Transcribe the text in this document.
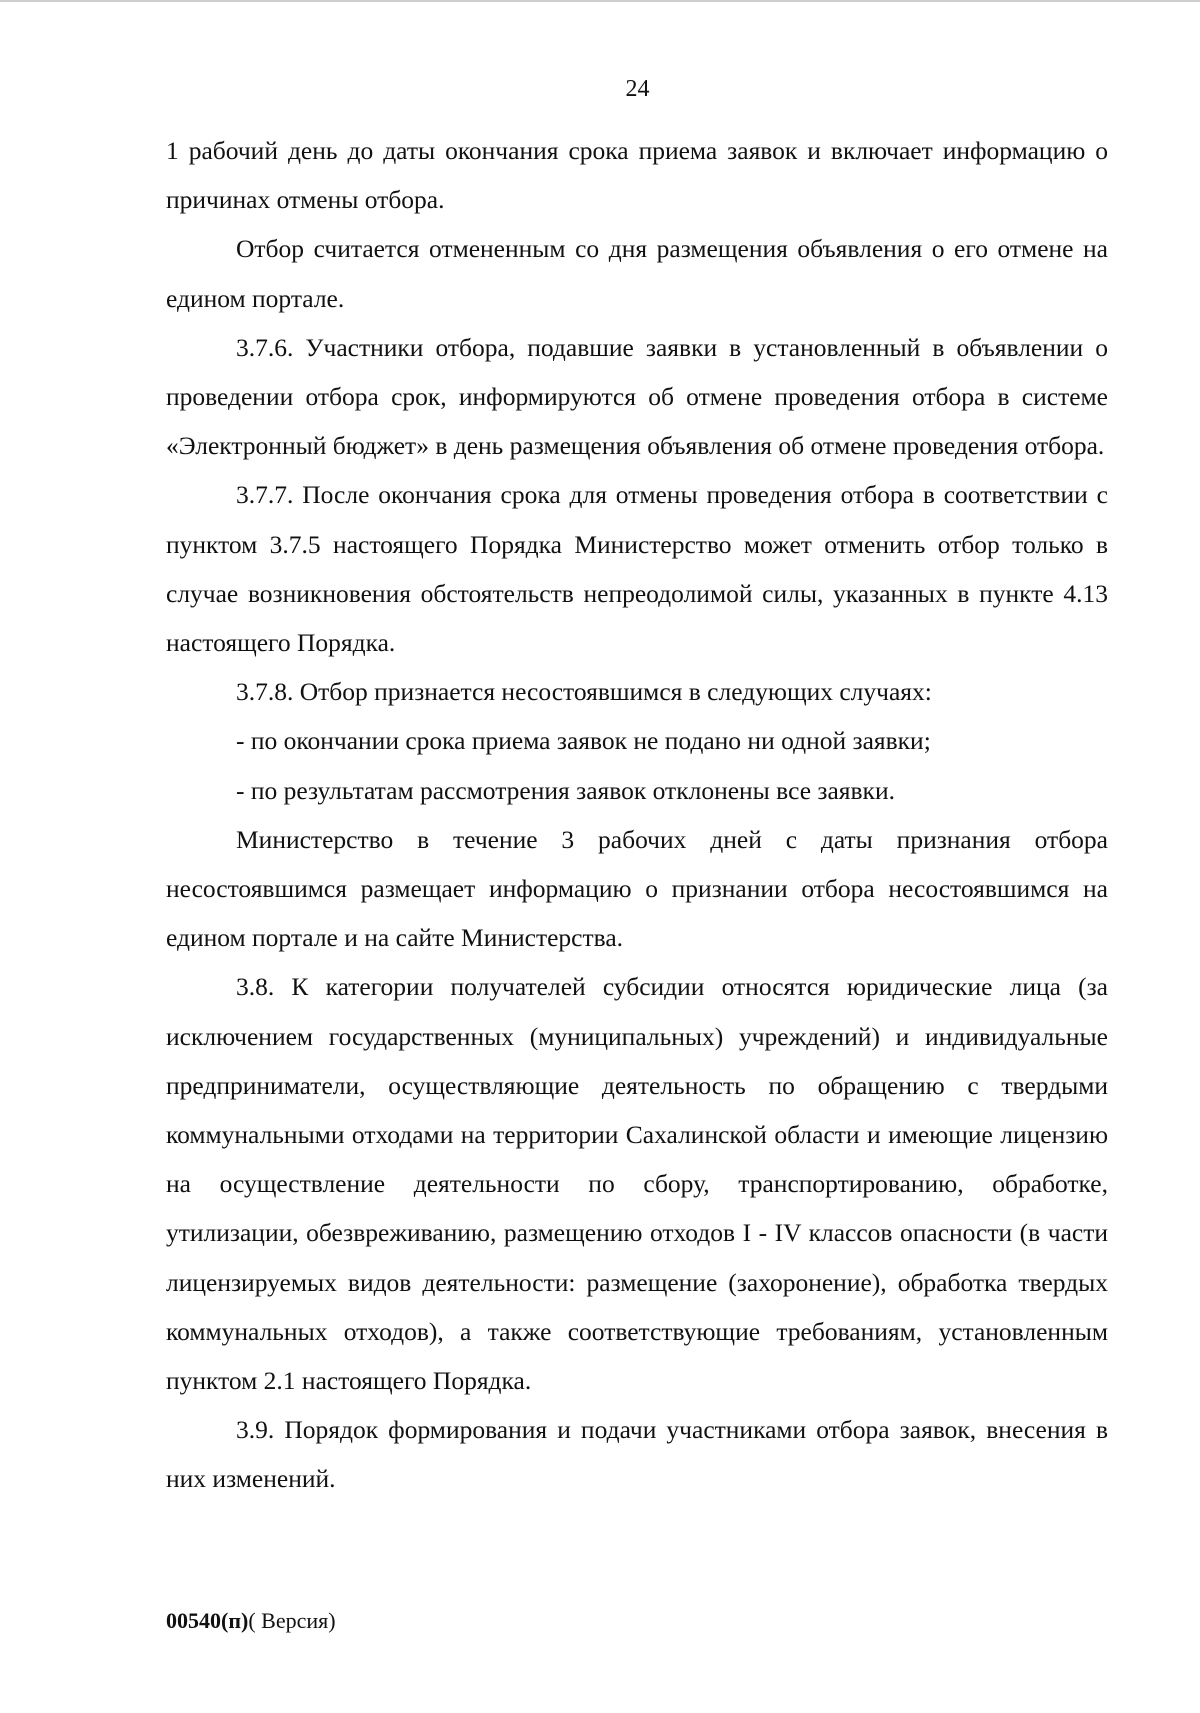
24

1 рабочий день до даты окончания срока приема заявок и включает информацию о причинах отмены отбора.

Отбор считается отмененным со дня размещения объявления о его отмене на едином портале.

3.7.6. Участники отбора, подавшие заявки в установленный в объявлении о проведении отбора срок, информируются об отмене проведения отбора в системе «Электронный бюджет» в день размещения объявления об отмене проведения отбора.

3.7.7. После окончания срока для отмены проведения отбора в соответствии с пунктом 3.7.5 настоящего Порядка Министерство может отменить отбор только в случае возникновения обстоятельств непреодолимой силы, указанных в пункте 4.13 настоящего Порядка.

3.7.8. Отбор признается несостоявшимся в следующих случаях:

- по окончании срока приема заявок не подано ни одной заявки;

- по результатам рассмотрения заявок отклонены все заявки.

Министерство в течение 3 рабочих дней с даты признания отбора несостоявшимся размещает информацию о признании отбора несостоявшимся на едином портале и на сайте Министерства.

3.8. К категории получателей субсидии относятся юридические лица (за исключением государственных (муниципальных) учреждений) и индивидуальные предприниматели, осуществляющие деятельность по обращению с твердыми коммунальными отходами на территории Сахалинской области и имеющие лицензию на осуществление деятельности по сбору, транспортированию, обработке, утилизации, обезвреживанию, размещению отходов I - IV классов опасности (в части лицензируемых видов деятельности: размещение (захоронение), обработка твердых коммунальных отходов), а также соответствующие требованиям, установленным пунктом 2.1 настоящего Порядка.

3.9. Порядок формирования и подачи участниками отбора заявок, внесения в них изменений.

00540(п)( Версия)
